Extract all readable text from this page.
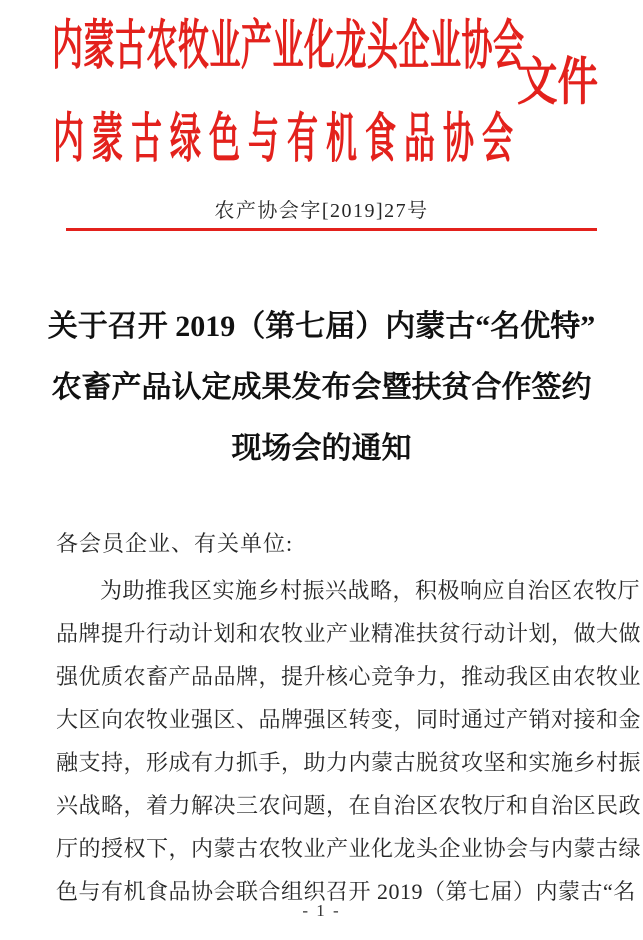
内蒙古农牧业产业化龙头企业协会
内蒙古绿色与有机食品协会
文件
农产协会字[2019]27号
关于召开 2019（第七届）内蒙古“名优特”
农畜产品认定成果发布会暨扶贫合作签约
现场会的通知
各会员企业、有关单位:
为助推我区实施乡村振兴战略，积极响应自治区农牧厅
品牌提升行动计划和农牧业产业精准扶贫行动计划，做大做
强优质农畜产品品牌，提升核心竞争力，推动我区由农牧业
大区向农牧业强区、品牌强区转变，同时通过产销对接和金
融支持，形成有力抓手，助力内蒙古脱贫攻坚和实施乡村振
兴战略，着力解决三农问题，在自治区农牧厅和自治区民政
厅的授权下，内蒙古农牧业产业化龙头企业协会与内蒙古绿
色与有机食品协会联合组织召开 2019（第七届）内蒙古“名
- 1 -
